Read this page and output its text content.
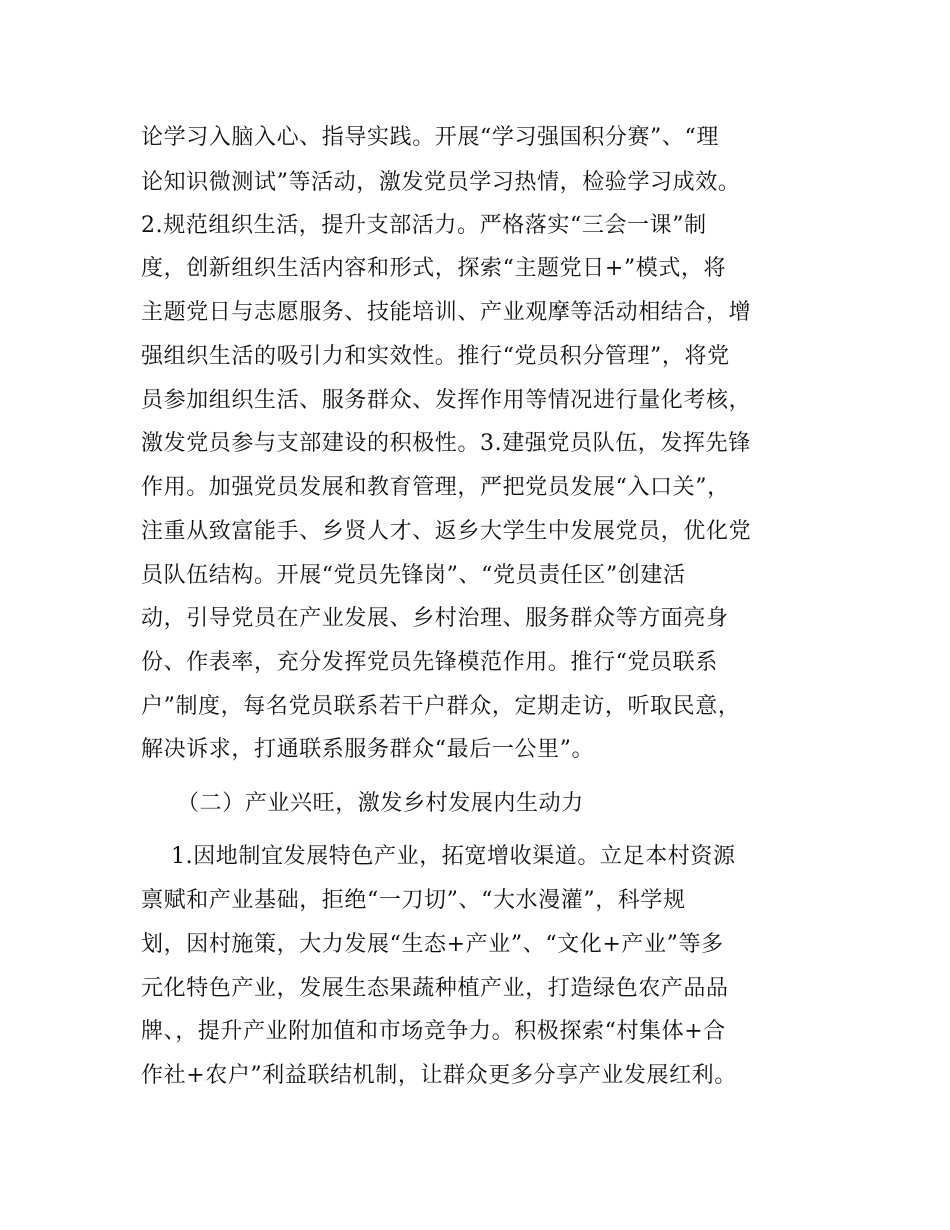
论学习入脑入心、指导实践。开展“学习强国积分赛”、“理
论知识微测试”等活动，激发党员学习热情，检验学习成效。
2.规范组织生活，提升支部活力。严格落实“三会一课”制
度，创新组织生活内容和形式，探索“主题党日+”模式，将
主题党日与志愿服务、技能培训、产业观摩等活动相结合，增
强组织生活的吸引力和实效性。推行“党员积分管理”，将党
员参加组织生活、服务群众、发挥作用等情况进行量化考核，
激发党员参与支部建设的积极性。3.建强党员队伍，发挥先锋
作用。加强党员发展和教育管理，严把党员发展“入口关”，
注重从致富能手、乡贤人才、返乡大学生中发展党员，优化党
员队伍结构。开展“党员先锋岗”、“党员责任区”创建活
动，引导党员在产业发展、乡村治理、服务群众等方面亮身
份、作表率，充分发挥党员先锋模范作用。推行“党员联系
户”制度，每名党员联系若干户群众，定期走访，听取民意，
解决诉求，打通联系服务群众“最后一公里”。
（二）产业兴旺，激发乡村发展内生动力
1.因地制宜发展特色产业，拓宽增收渠道。立足本村资源
禀赋和产业基础，拒绝“一刀切”、“大水漫灌”，科学规
划，因村施策，大力发展“生态+产业”、“文化+产业”等多
元化特色产业，发展生态果蔬种植产业，打造绿色农产品品
牌、，提升产业附加值和市场竞争力。积极探索“村集体+合
作社+农户”利益联结机制，让群众更多分享产业发展红利。
